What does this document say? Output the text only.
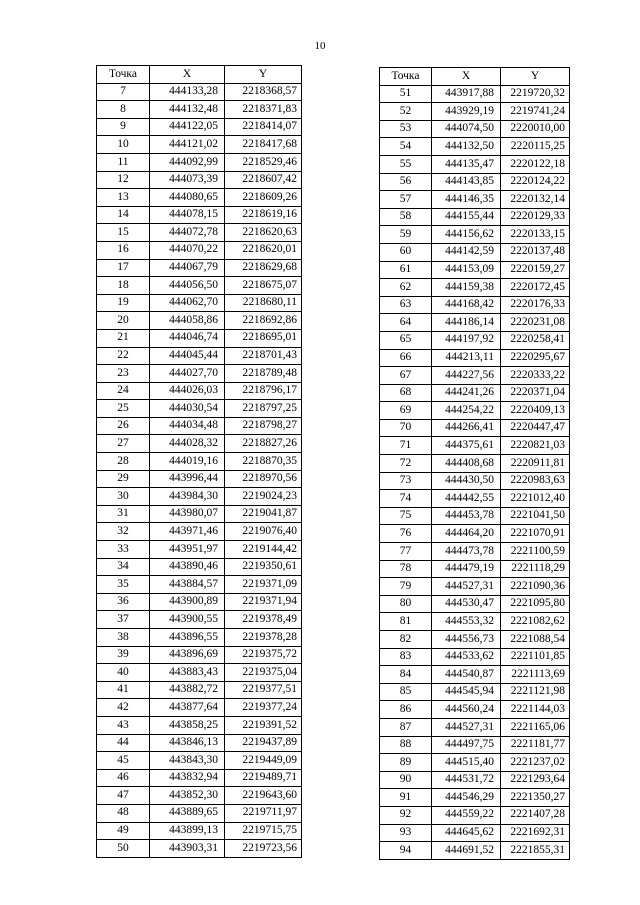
10
Точка	X	Y
7	444133,28	2218368,57
8	444132,48	2218371,83
9	444122,05	2218414,07
10	444121,02	2218417,68
11	444092,99	2218529,46
12	444073,39	2218607,42
13	444080,65	2218609,26
14	444078,15	2218619,16
15	444072,78	2218620,63
16	444070,22	2218620,01
17	444067,79	2218629,68
18	444056,50	2218675,07
19	444062,70	2218680,11
20	444058,86	2218692,86
21	444046,74	2218695,01
22	444045,44	2218701,43
23	444027,70	2218789,48
24	444026,03	2218796,17
25	444030,54	2218797,25
26	444034,48	2218798,27
27	444028,32	2218827,26
28	444019,16	2218870,35
29	443996,44	2218970,56
30	443984,30	2219024,23
31	443980,07	2219041,87
32	443971,46	2219076,40
33	443951,97	2219144,42
34	443890,46	2219350,61
35	443884,57	2219371,09
36	443900,89	2219371,94
37	443900,55	2219378,49
38	443896,55	2219378,28
39	443896,69	2219375,72
40	443883,43	2219375,04
41	443882,72	2219377,51
42	443877,64	2219377,24
43	443858,25	2219391,52
44	443846,13	2219437,89
45	443843,30	2219449,09
46	443832,94	2219489,71
47	443852,30	2219643,60
48	443889,65	2219711,97
49	443899,13	2219715,75
50	443903,31	2219723,56
Точка	X	Y
51	443917,88	2219720,32
52	443929,19	2219741,24
53	444074,50	2220010,00
54	444132,50	2220115,25
55	444135,47	2220122,18
56	444143,85	2220124,22
57	444146,35	2220132,14
58	444155,44	2220129,33
59	444156,62	2220133,15
60	444142,59	2220137,48
61	444153,09	2220159,27
62	444159,38	2220172,45
63	444168,42	2220176,33
64	444186,14	2220231,08
65	444197,92	2220258,41
66	444213,11	2220295,67
67	444227,56	2220333,22
68	444241,26	2220371,04
69	444254,22	2220409,13
70	444266,41	2220447,47
71	444375,61	2220821,03
72	444408,68	2220911,81
73	444430,50	2220983,63
74	444442,55	2221012,40
75	444453,78	2221041,50
76	444464,20	2221070,91
77	444473,78	2221100,59
78	444479,19	2221118,29
79	444527,31	2221090,36
80	444530,47	2221095,80
81	444553,32	2221082,62
82	444556,73	2221088,54
83	444533,62	2221101,85
84	444540,87	2221113,69
85	444545,94	2221121,98
86	444560,24	2221144,03
87	444527,31	2221165,06
88	444497,75	2221181,77
89	444515,40	2221237,02
90	444531,72	2221293,64
91	444546,29	2221350,27
92	444559,22	2221407,28
93	444645,62	2221692,31
94	444691,52	2221855,31
